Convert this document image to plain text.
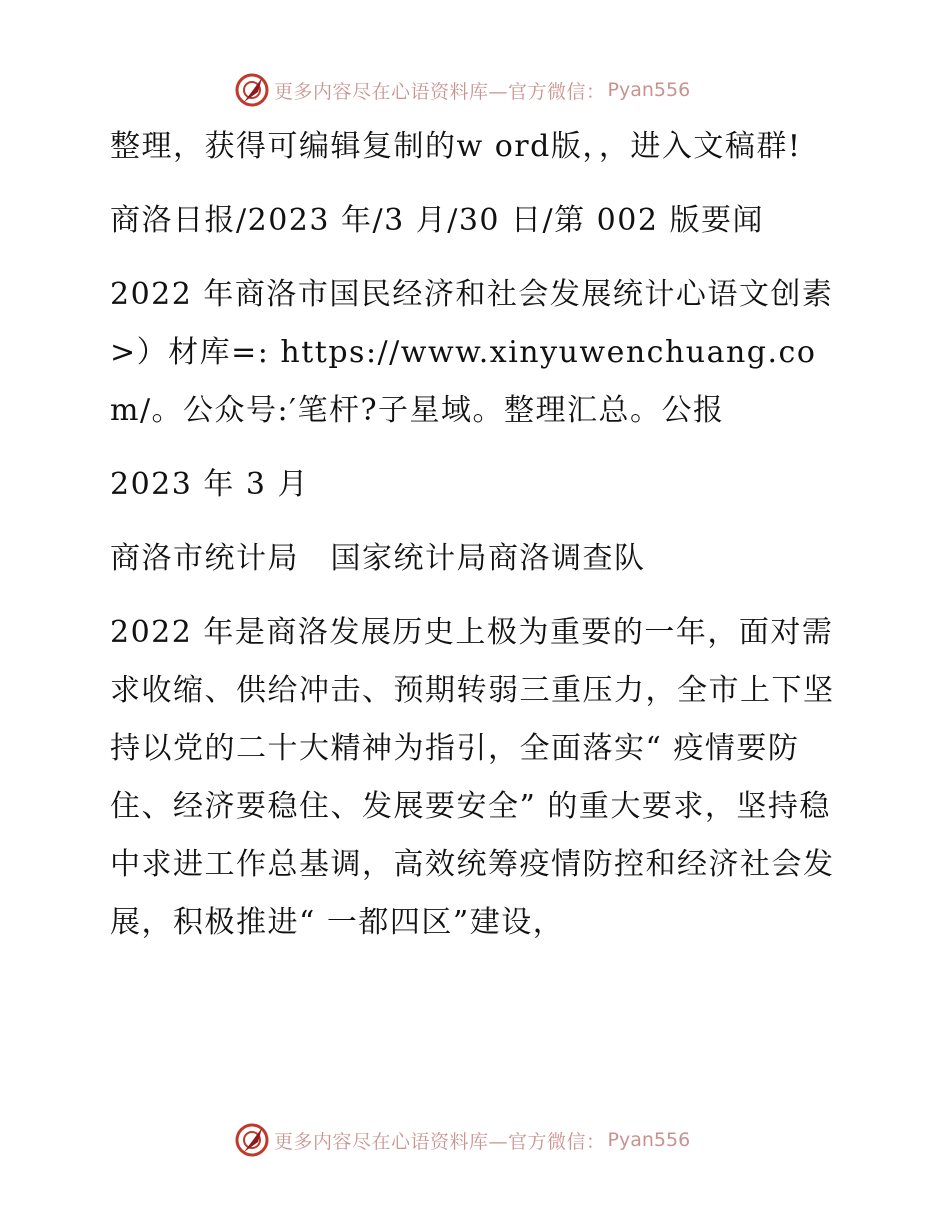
更多内容尽在心语资料库—官方微信： Pyan556

整理，获得可编辑复制的w ord版，，进入文稿群!

商洛日报/2023 年/3 月/30 日/第 002 版要闻

2022 年商洛市国民经济和社会发展统计心语文创素>）材库=: https://www.xinyuwenchuang.com/。公众号:′笔杆?子星域。整理汇总。公报

2023 年 3 月

商洛市统计局　国家统计局商洛调查队

2022 年是商洛发展历史上极为重要的一年，面对需求收缩、供给冲击、预期转弱三重压力，全市上下坚持以党的二十大精神为指引，全面落实“ 疫情要防住、经济要稳住、发展要安全” 的重大要求，坚持稳中求进工作总基调，高效统筹疫情防控和经济社会发展，积极推进“ 一都四区”建设，

更多内容尽在心语资料库—官方微信： Pyan556
